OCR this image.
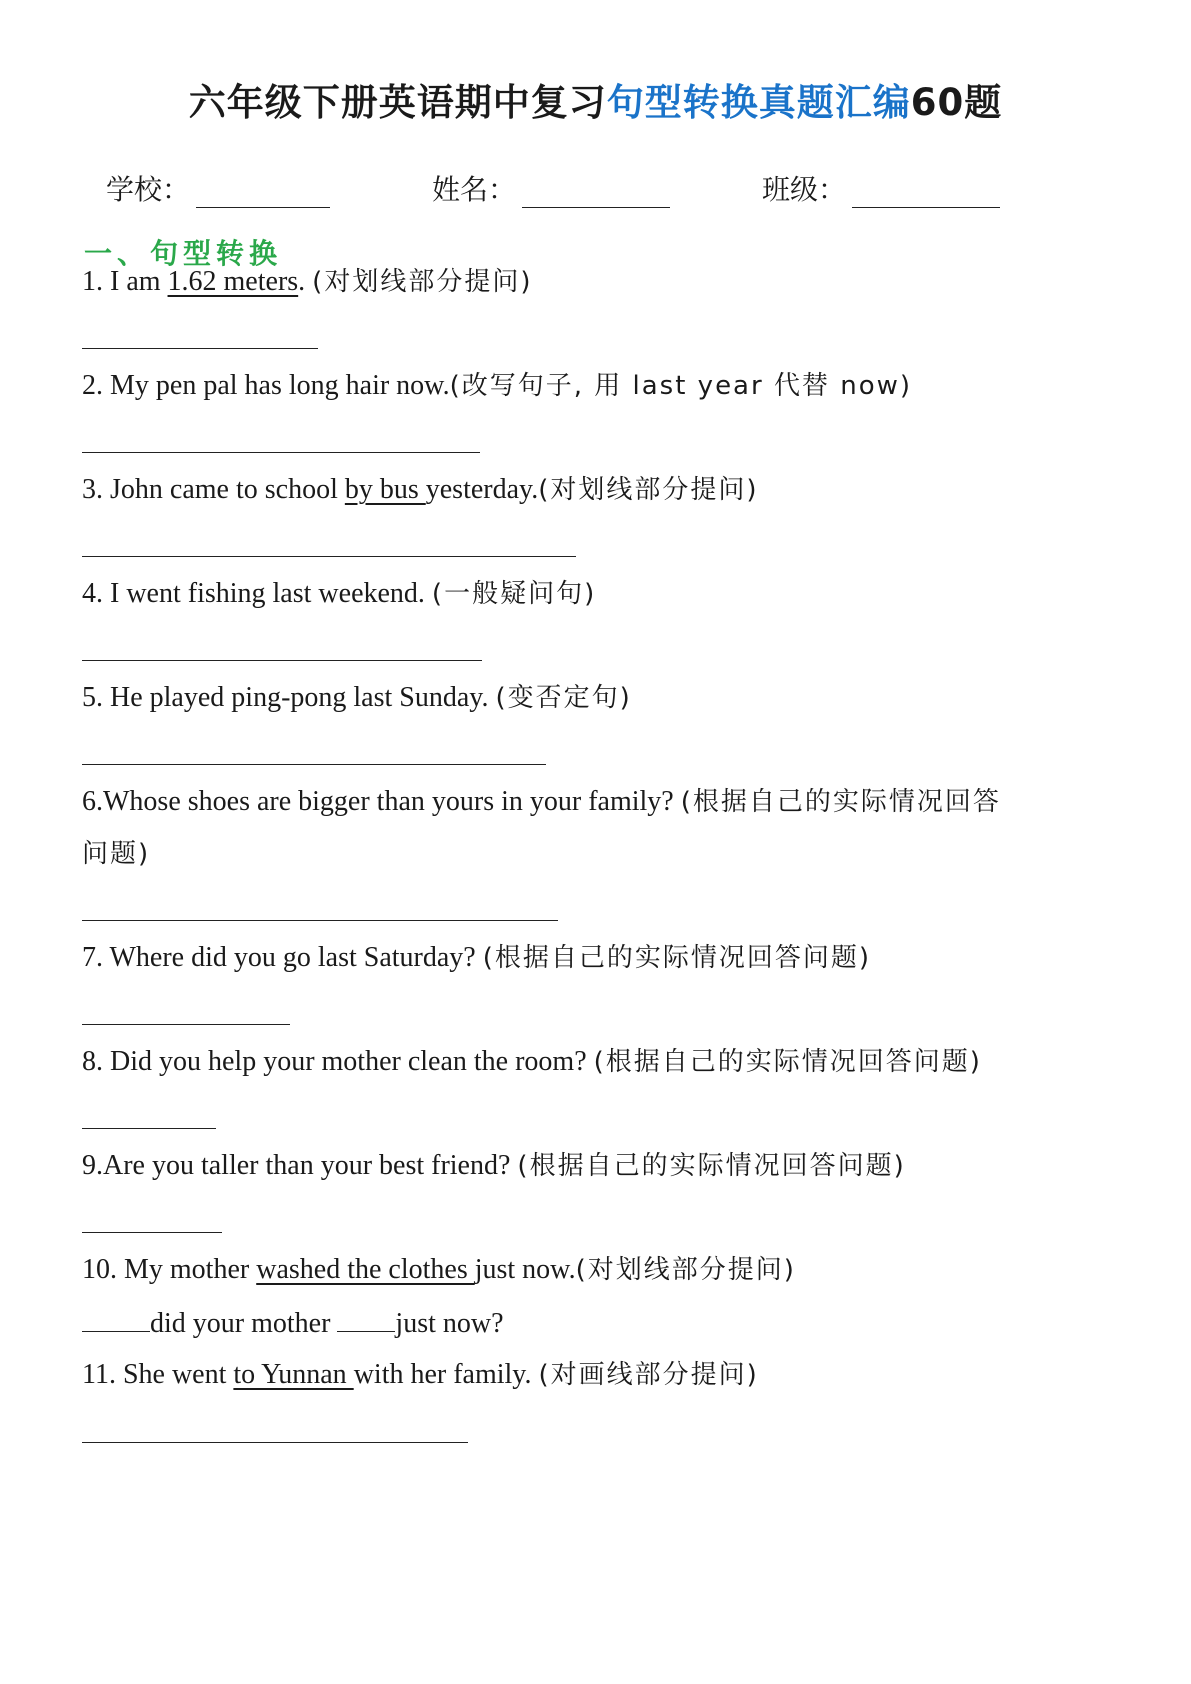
六年级下册英语期中复习句型转换真题汇编60题
学校：	姓名：	班级：
一、句型转换
1. I am 1.62 meters. (对划线部分提问)
2. My pen pal has long hair now.(改写句子, 用 last year 代替 now)
3. John came to school by bus yesterday.(对划线部分提问)
4. I went fishing last weekend. (一般疑问句)
5. He played ping-pong last Sunday. (变否定句)
6.Whose shoes are bigger than yours in your family? (根据自己的实际情况回答
问题)
7. Where did you go last Saturday? (根据自己的实际情况回答问题)
8. Did you help your mother clean the room? (根据自己的实际情况回答问题)
9.Are you taller than your best friend? (根据自己的实际情况回答问题)
10. My mother washed the clothes just now.(对划线部分提问)
did your mother just now?
11. She went to Yunnan with her family. (对画线部分提问)
